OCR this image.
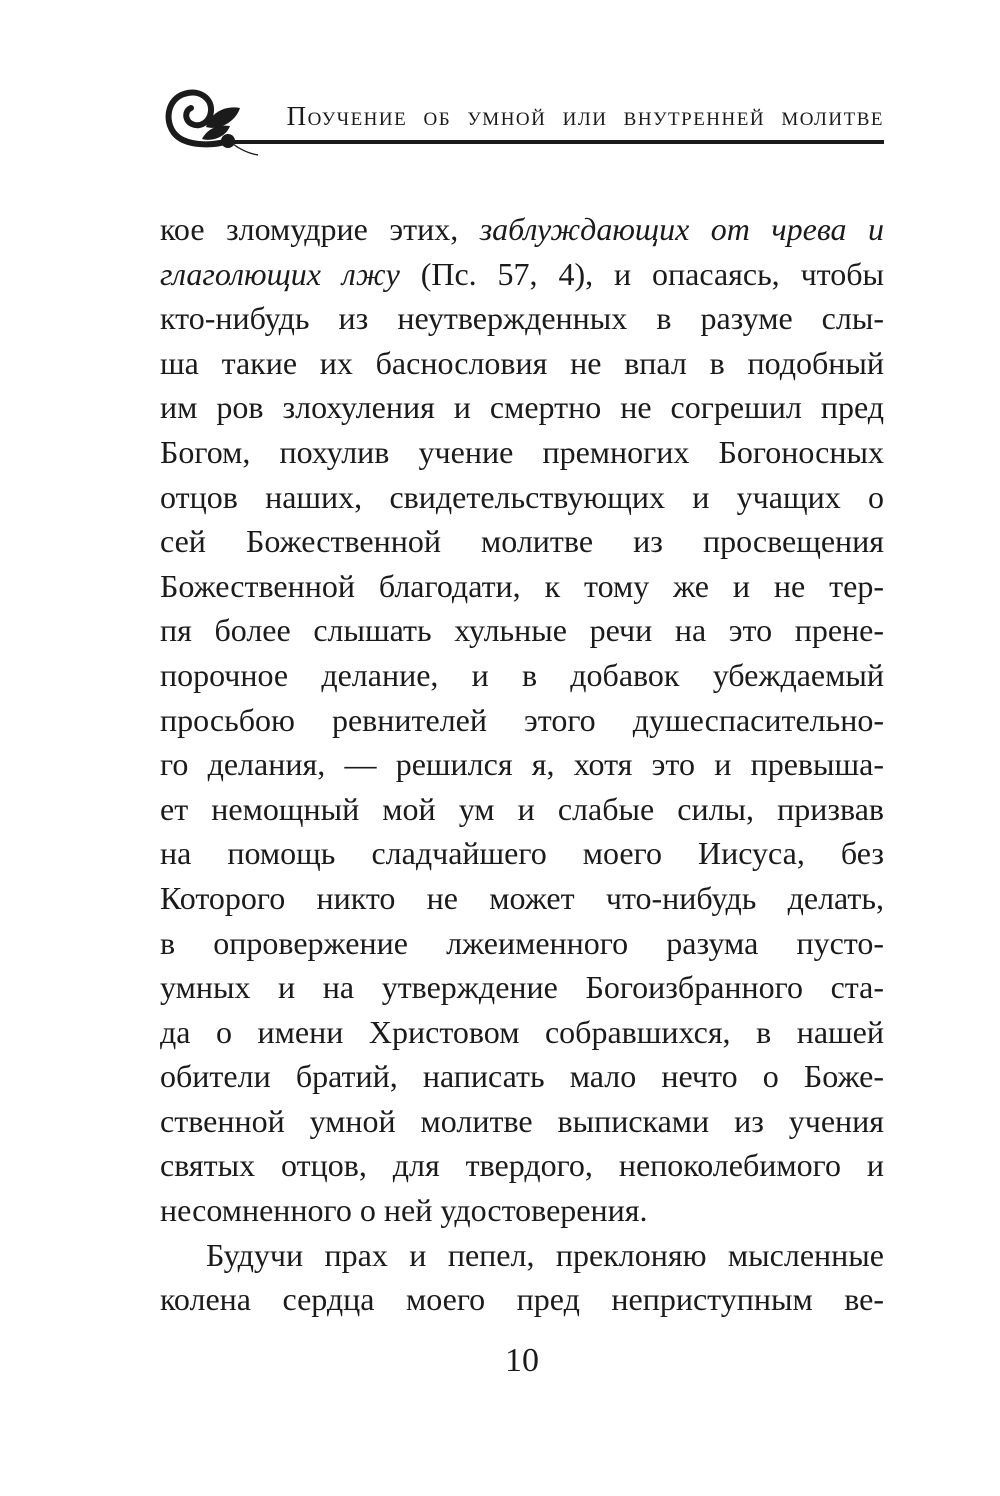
Поучение об умной или внутренней молитве
кое зломудрие этих, заблуждающих от чрева и
глаголющих лжу (Пс. 57, 4), и опасаясь, чтобы
кто-нибудь из неутвержденных в разуме слы-
ша такие их баснословия не впал в подобный
им ров злохуления и смертно не согрешил пред
Богом, похулив учение премногих Богоносных
отцов наших, свидетельствующих и учащих о
сей Божественной молитве из просвещения
Божественной благодати, к тому же и не тер-
пя более слышать хульные речи на это прене-
порочное делание, и в добавок убеждаемый
просьбою ревнителей этого душеспасительно-
го делания, — решился я, хотя это и превыша-
ет немощный мой ум и слабые силы, призвав
на помощь сладчайшего моего Иисуса, без
Которого никто не может что-нибудь делать,
в опровержение лжеименного разума пусто-
умных и на утверждение Богоизбранного ста-
да о имени Христовом собравшихся, в нашей
обители братий, написать мало нечто о Боже-
ственной умной молитве выписками из учения
святых отцов, для твердого, непоколебимого и
несомненного о ней удостоверения.
Будучи прах и пепел, преклоняю мысленные
колена сердца моего пред неприступным ве-
10
